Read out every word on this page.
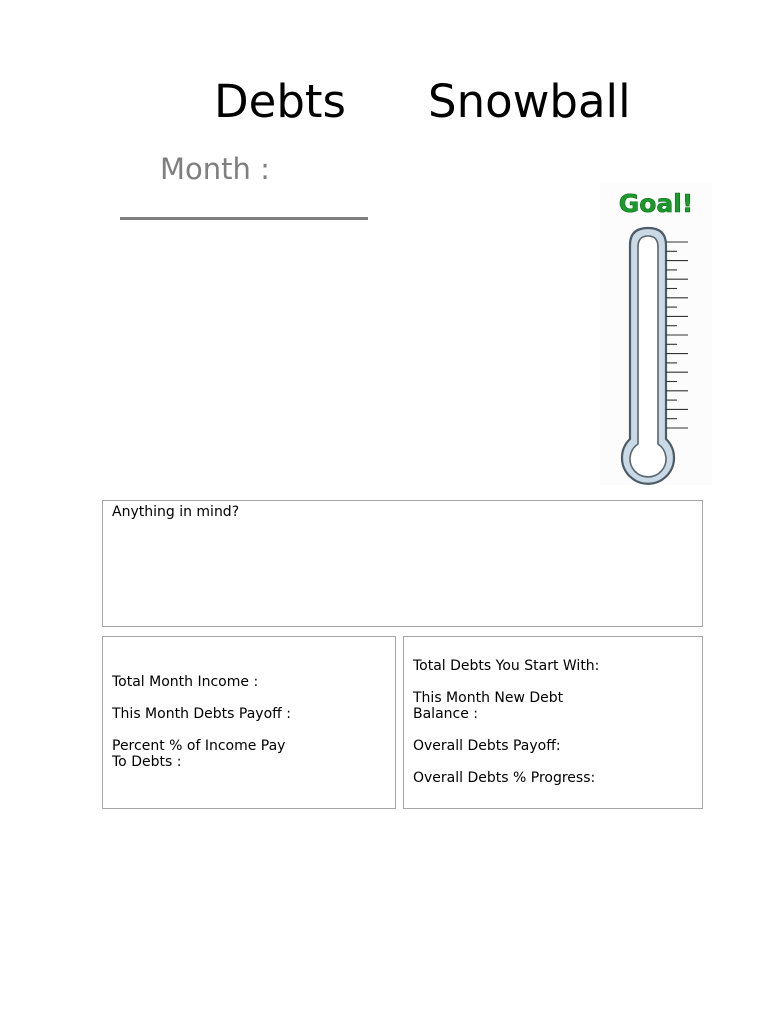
Debts Snowball
Month :
Goal!
Anything in mind?
Total Month Income :
This Month Debts Payoff :
Percent % of Income Pay To Debts :
Total Debts You Start With:
This Month New Debt Balance :
Overall Debts Payoff:
Overall Debts % Progress:
